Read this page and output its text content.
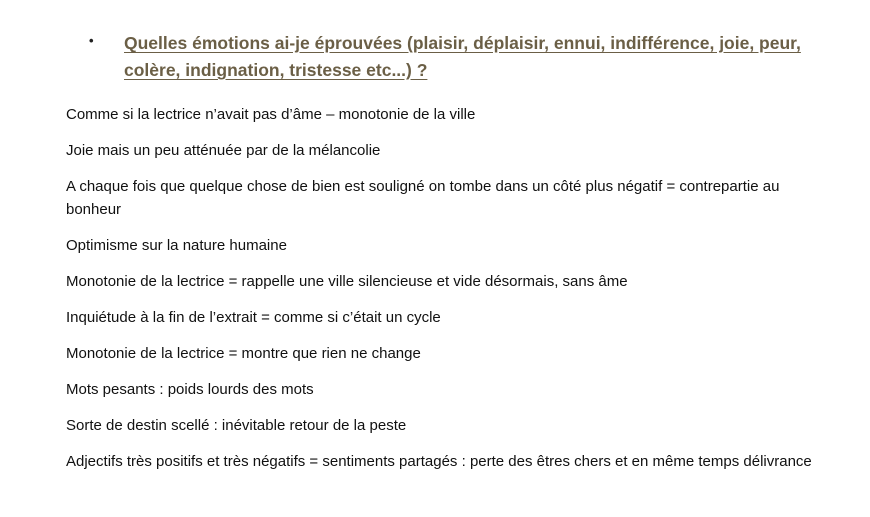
• Quelles émotions ai-je éprouvées (plaisir, déplaisir, ennui, indifférence, joie, peur, colère, indignation, tristesse etc...) ?

Comme si la lectrice n’avait pas d’âme – monotonie de la ville
Joie mais un peu atténuée par de la mélancolie
A chaque fois que quelque chose de bien est souligné on tombe dans un côté plus négatif = contrepartie au bonheur
Optimisme sur la nature humaine
Monotonie de la lectrice = rappelle une ville silencieuse et vide désormais, sans âme
Inquiétude à la fin de l’extrait = comme si c’était un cycle
Monotonie de la lectrice = montre que rien ne change
Mots pesants : poids lourds des mots
Sorte de destin scellé : inévitable retour de la peste
Adjectifs très positifs et très négatifs = sentiments partagés : perte des êtres chers et en même temps délivrance
